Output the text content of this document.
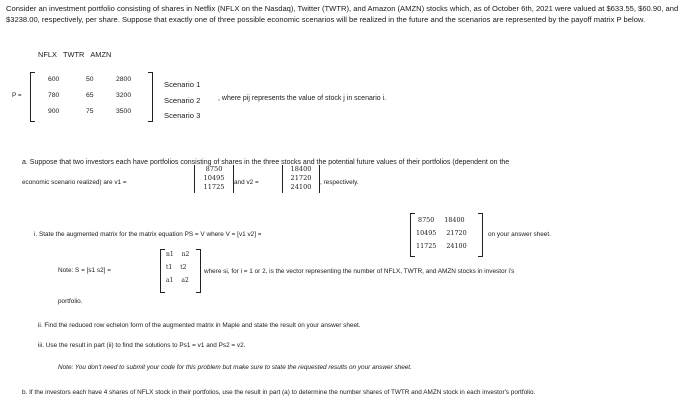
Consider an investment portfolio consisting of shares in Netflix (NFLX on the Nasdaq), Twitter (TWTR), and Amazon (AMZN) stocks which, as of October 6th, 2021 were valued at $633.55, $60.90, and $3238.00, respectively, per share. Suppose that exactly one of three possible economic scenarios will be realized in the future and the scenarios are represented by the payoff matrix P below.
NFLX TWTR AMZN
P =
600	50	2800
780	65	3200
900	75	3500
Scenario 1
Scenario 2
Scenario 3
, where pij represents the value of stock j in scenario i.
a. Suppose that two investors each have portfolios consisting of shares in the three stocks and the potential future values of their portfolios (dependent on the
economic scenario realized) are v1 =
8750
10495
11725
and v2 =
18400
21720
24100
, respectively.
i. State the augmented matrix for the matrix equation PS = V where V = [v1 v2] =
8750 18400
10495 21720
11725 24100
on your answer sheet.
Note: S = [s1 s2] =
n1 n2
t1 t2
a1 a2
where si, for i = 1 or 2, is the vector representing the number of NFLX, TWTR, and AMZN stocks in investor i's
portfolio.
ii. Find the reduced row echelon form of the augmented matrix in Maple and state the result on your answer sheet.
iii. Use the result in part (ii) to find the solutions to Ps1 = v1 and Ps2 = v2.
Note: You don't need to submit your code for this problem but make sure to state the requested results on your answer sheet.
b. If the investors each have 4 shares of NFLX stock in their portfolios, use the result in part (a) to determine the number shares of TWTR and AMZN stock in each investor's portfolio.
